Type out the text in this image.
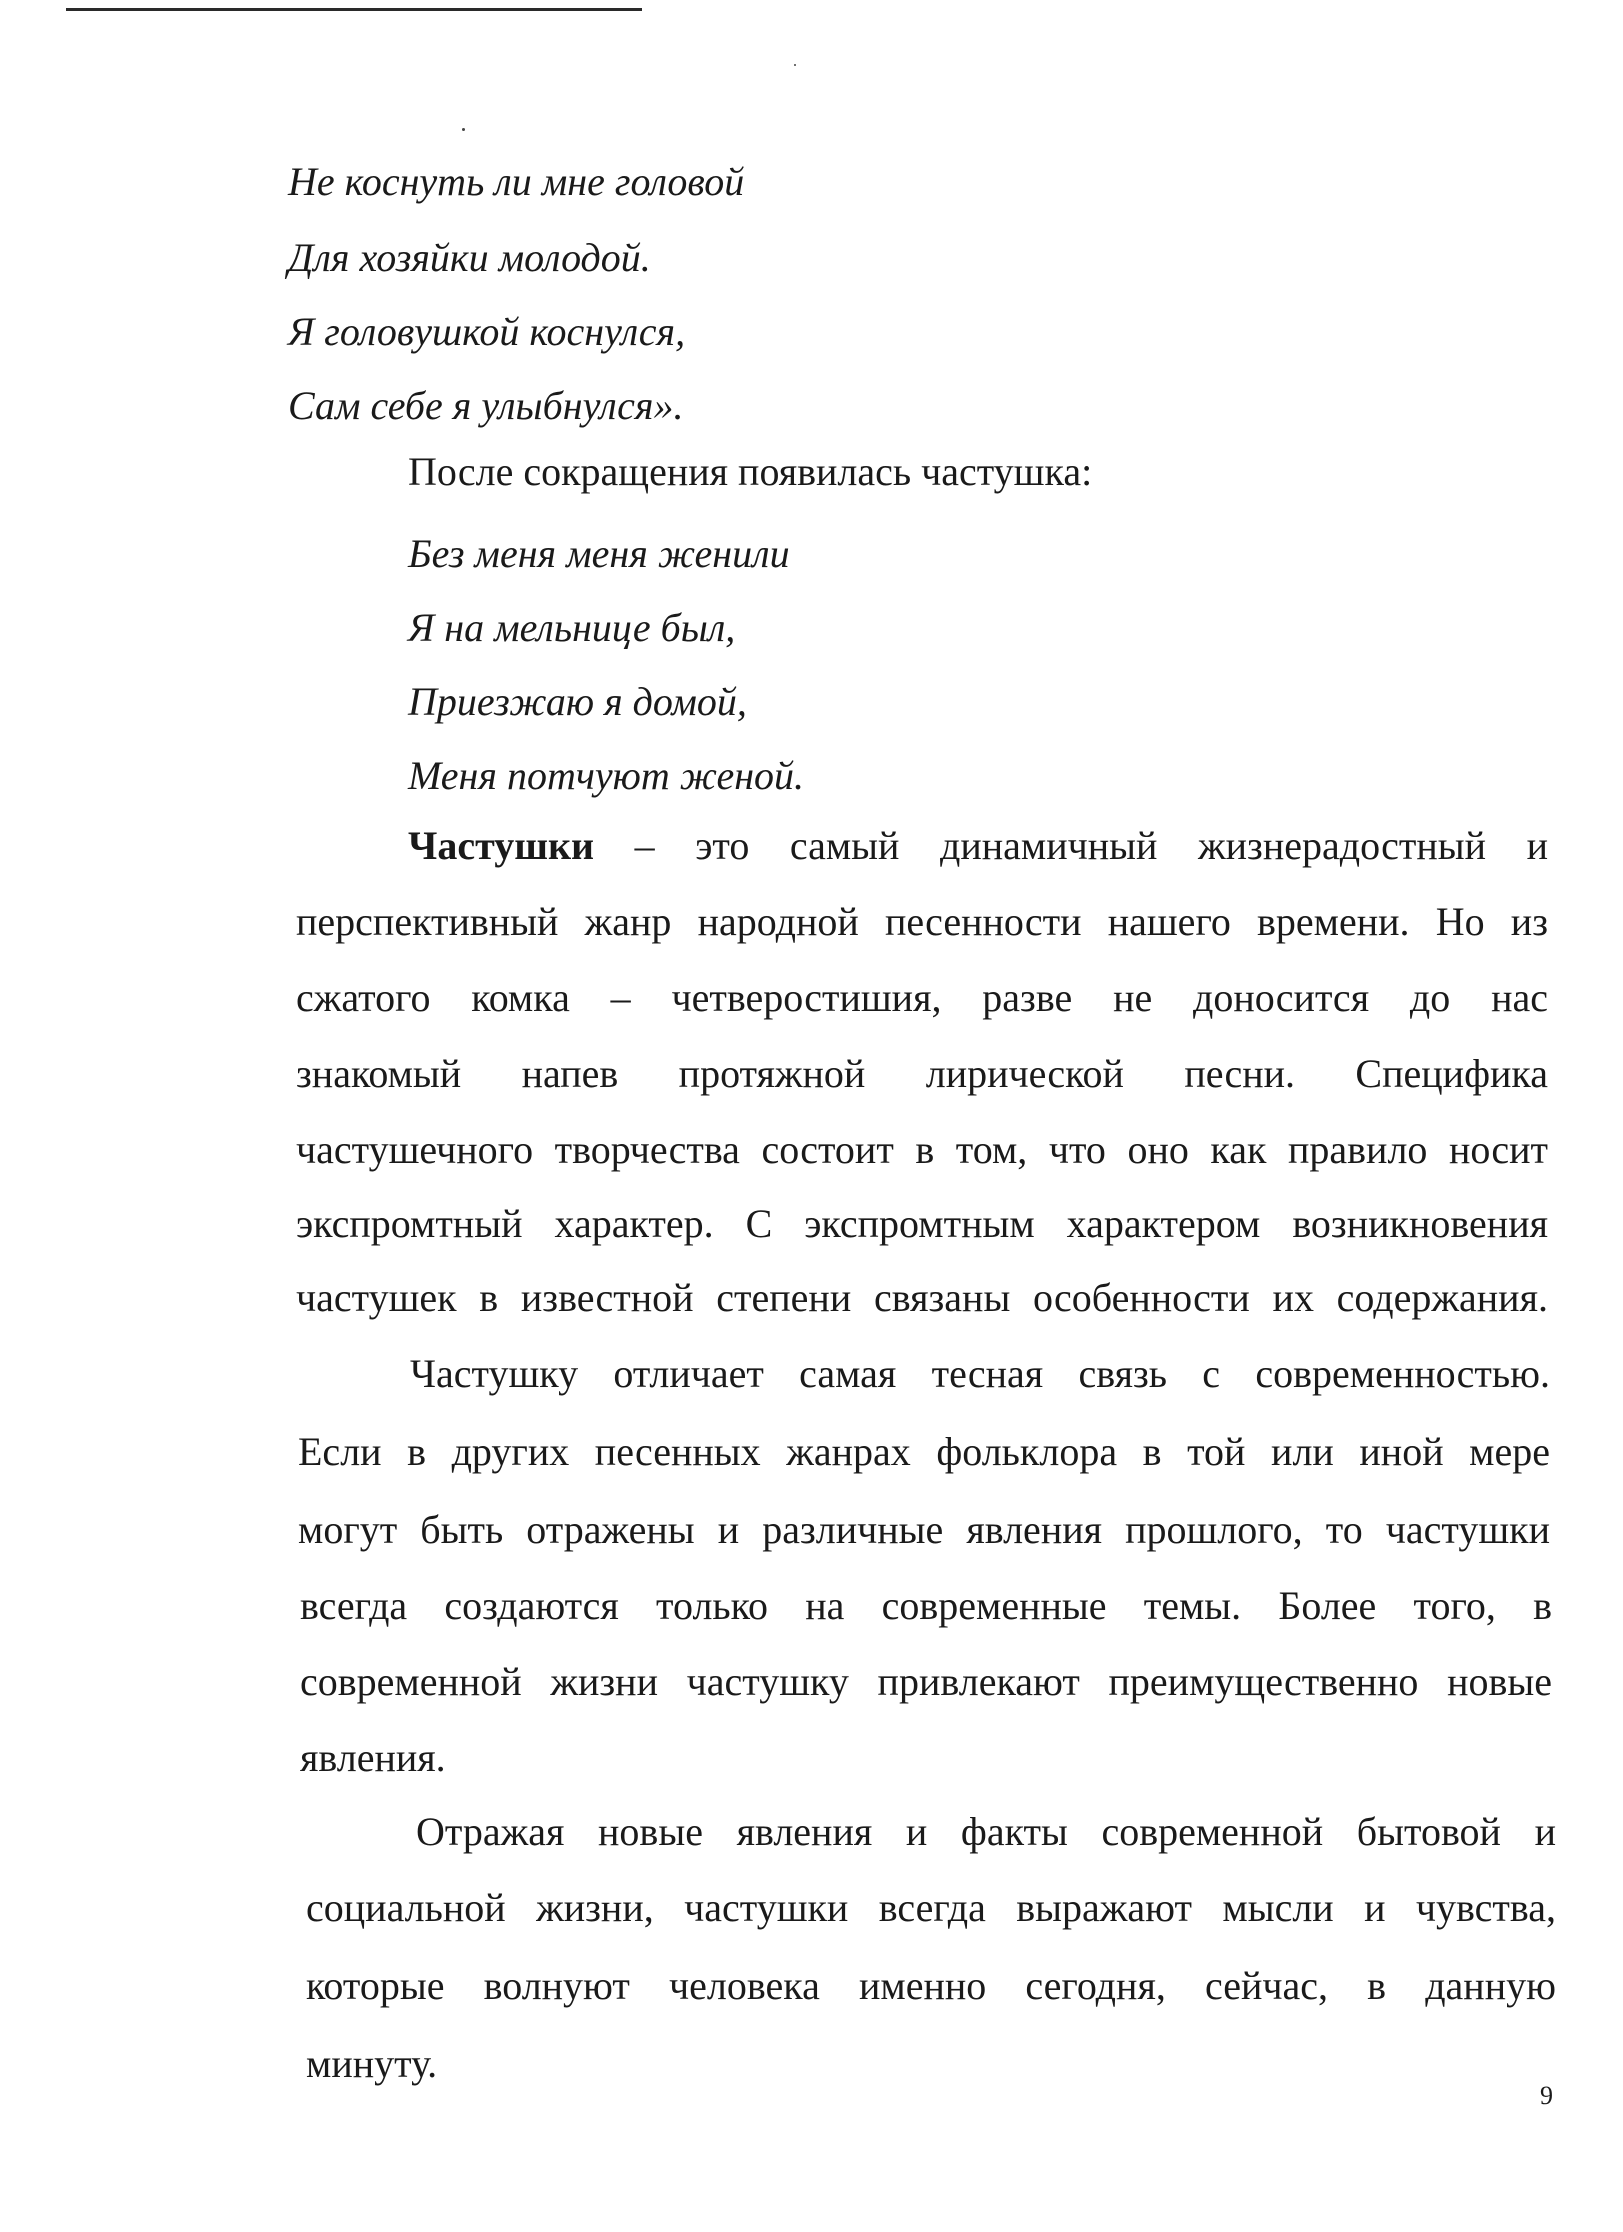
Не коснуть ли мне головой
Для хозяйки молодой.
Я головушкой коснулся,
Сам себе я улыбнулся».
После сокращения появилась частушка:
Без меня меня женили
Я на мельнице был,
Приезжаю я домой,
Меня потчуют женой.
Частушки – это самый динамичный жизнерадостный и
перспективный жанр народной песенности нашего времени. Но из
сжатого комка – четверостишия, разве не доносится до нас
знакомый напев протяжной лирической песни. Специфика
частушечного творчества состоит в том, что оно как правило носит
экспромтный характер. С экспромтным характером возникновения
частушек в известной степени связаны особенности их содержания.
Частушку отличает самая тесная связь с современностью.
Если в других песенных жанрах фольклора в той или иной мере
могут быть отражены и различные явления прошлого, то частушки
всегда создаются только на современные темы. Более того, в
современной жизни частушку привлекают преимущественно новые
явления.
Отражая новые явления и факты современной бытовой и
социальной жизни, частушки всегда выражают мысли и чувства,
которые волнуют человека именно сегодня, сейчас, в данную
минуту.
9
